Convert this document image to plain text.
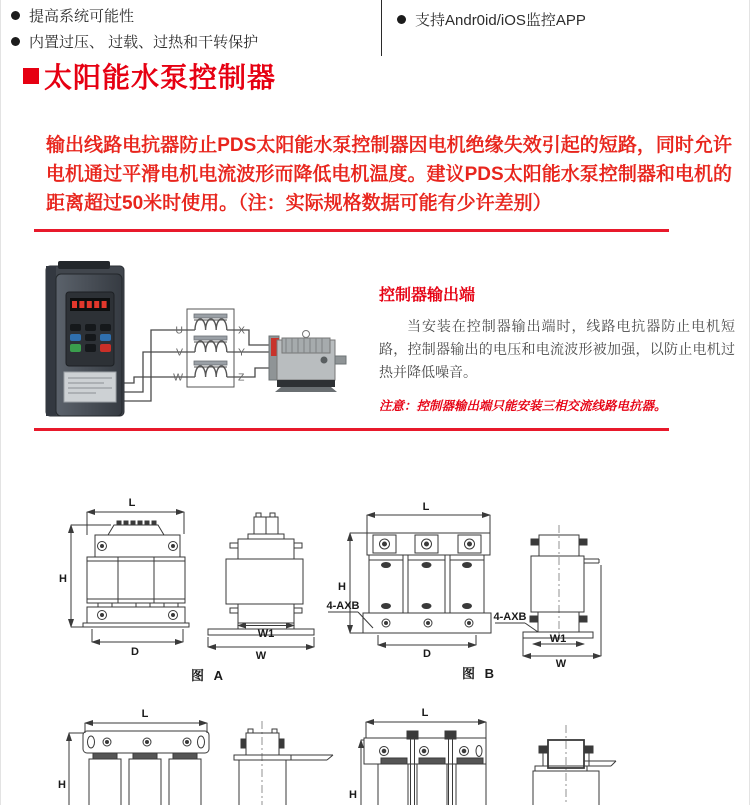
提高系统可能性
内置过压、 过载、过热和干转保护
支持Andr0id/iOS监控APP
太阳能水泵控制器

输出线路电抗器防止PDS太阳能水泵控制器因电机绝缘失效引起的短路，同时允许电机通过平滑电机电流波形而降低电机温度。建议PDS太阳能水泵控制器和电机的距离超过50米时使用。（注：实际规格数据可能有少许差别）

U
V
W
X
Y
Z

控制器输出端

当安装在控制器输出端时，线路电抗器防止电机短路，控制器输出的电压和电流波形被加强，以防止电机过热并降低噪音。

注意：控制器输出端只能安装三相交流线路电抗器。

L
H
D
W1
W
图 A
L
H
D
4-AXB
4-AXB
W1
W
图 B
L
H
L
H
